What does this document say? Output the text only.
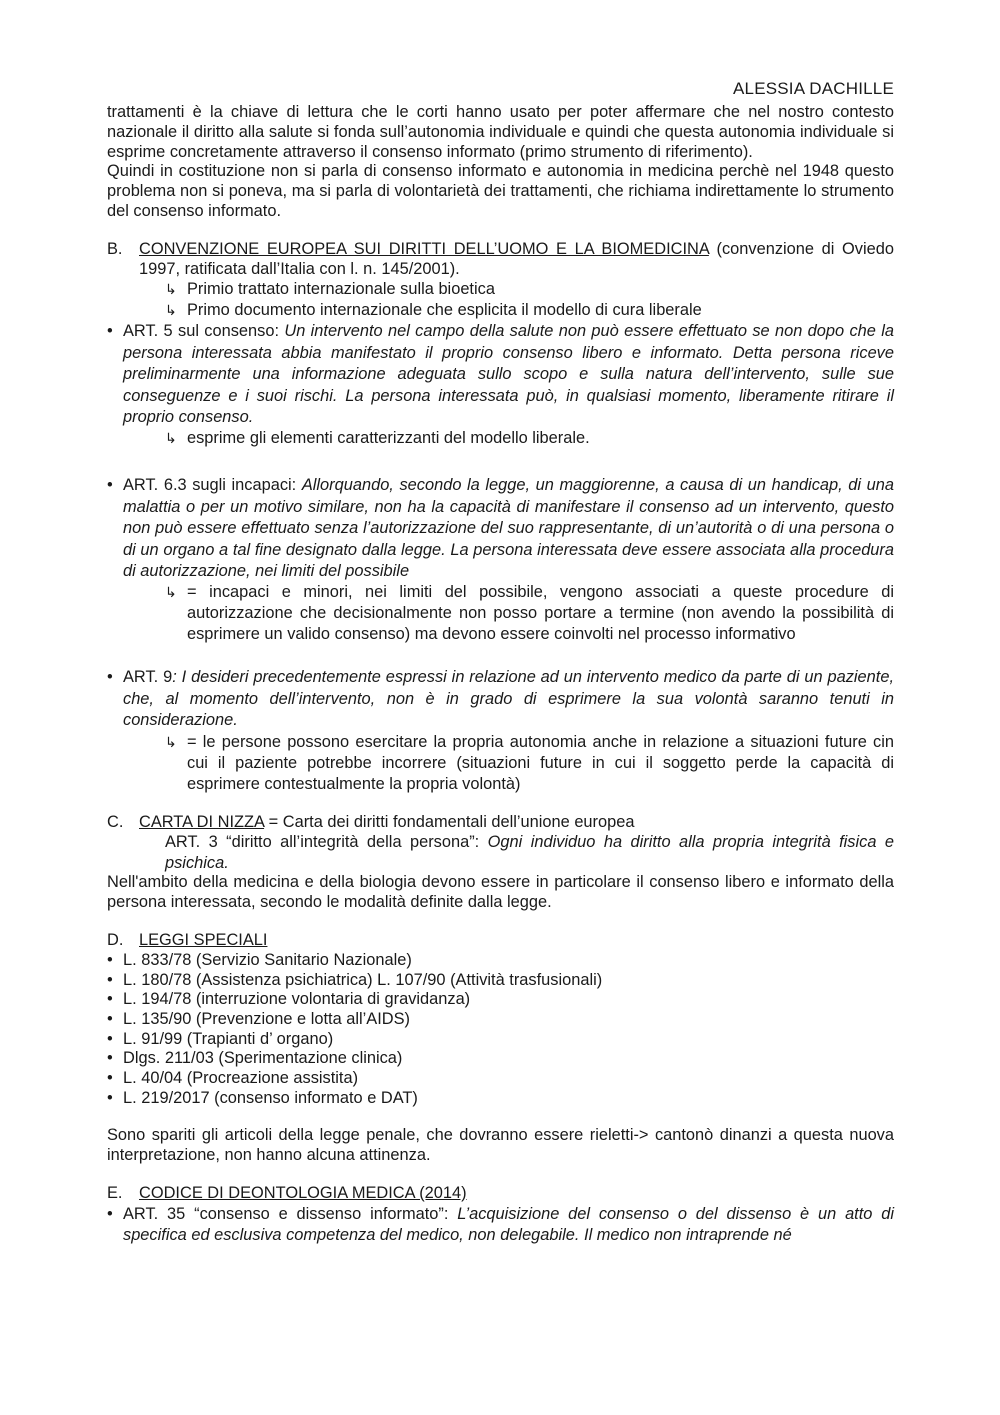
ALESSIA DACHILLE

trattamenti è la chiave di lettura che le corti hanno usato per poter affermare che nel nostro contesto nazionale il diritto alla salute si fonda sull’autonomia individuale e quindi che questa autonomia individuale si esprime concretamente attraverso il consenso informato (primo strumento di riferimento).

Quindi in costituzione non si parla di consenso informato e autonomia in medicina perchè nel 1948 questo problema non si poneva, ma si parla di volontarietà dei trattamenti, che richiama indirettamente lo strumento del consenso informato.

B.	CONVENZIONE EUROPEA SUI DIRITTI DELL’UOMO E LA BIOMEDICINA (convenzione di Oviedo 1997, ratificata dall’Italia con l. n. 145/2001).
↳ Primio trattato internazionale sulla bioetica
↳ Primo documento internazionale che esplicita il modello di cura liberale
• ART. 5 sul consenso: Un intervento nel campo della salute non può essere effettuato se non dopo che la persona interessata abbia manifestato il proprio consenso libero e informato. Detta persona riceve preliminarmente una informazione adeguata sullo scopo e sulla natura dell’intervento, sulle sue conseguenze e i suoi rischi. La persona interessata può, in qualsiasi momento, liberamente ritirare il proprio consenso.
↳ esprime gli elementi caratterizzanti del modello liberale.
• ART. 6.3 sugli incapaci: Allorquando, secondo la legge, un maggiorenne, a causa di un handicap, di una malattia o per un motivo similare, non ha la capacità di manifestare il consenso ad un intervento, questo non può essere effettuato senza l’autorizzazione del suo rappresentante, di un’autorità o di una persona o di un organo a tal fine designato dalla legge. La persona interessata deve essere associata alla procedura di autorizzazione, nei limiti del possibile
↳ = incapaci e minori, nei limiti del possibile, vengono associati a queste procedure di autorizzazione che decisionalmente non posso portare a termine (non avendo la possibilità di esprimere un valido consenso) ma devono essere coinvolti nel processo informativo
• ART. 9: I desideri precedentemente espressi in relazione ad un intervento medico da parte di un paziente, che, al momento dell’intervento, non è in grado di esprimere la sua volontà saranno tenuti in considerazione.
↳ = le persone possono esercitare la propria autonomia anche in relazione a situazioni future cin cui il paziente potrebbe incorrere (situazioni future in cui il soggetto perde la capacità di esprimere contestualmente la propria volontà)
C. CARTA DI NIZZA = Carta dei diritti fondamentali dell’unione europea
ART. 3 “diritto all’integrità della persona”: Ogni individuo ha diritto alla propria integrità fisica e psichica.

Nell'ambito della medicina e della biologia devono essere in particolare il consenso libero e informato della persona interessata, secondo le modalità definite dalla legge.

D. LEGGI SPECIALI
• L. 833/78 (Servizio Sanitario Nazionale)
• L. 180/78 (Assistenza psichiatrica) L. 107/90 (Attività trasfusionali)
• L. 194/78 (interruzione volontaria di gravidanza)
• L. 135/90 (Prevenzione e lotta all’AIDS)
• L. 91/99 (Trapianti d’ organo)
• Dlgs. 211/03 (Sperimentazione clinica)
• L. 40/04 (Procreazione assistita)
• L. 219/2017 (consenso informato e DAT)

Sono spariti gli articoli della legge penale, che dovranno essere rieletti-> cantonò dinanzi a questa nuova interpretazione, non hanno alcuna attinenza.

E.	CODICE DI DEONTOLOGIA MEDICA (2014)
• ART. 35 “consenso e dissenso informato”: L’acquisizione del consenso o del dissenso è un atto di specifica ed esclusiva competenza del medico, non delegabile. Il medico non intraprende né
